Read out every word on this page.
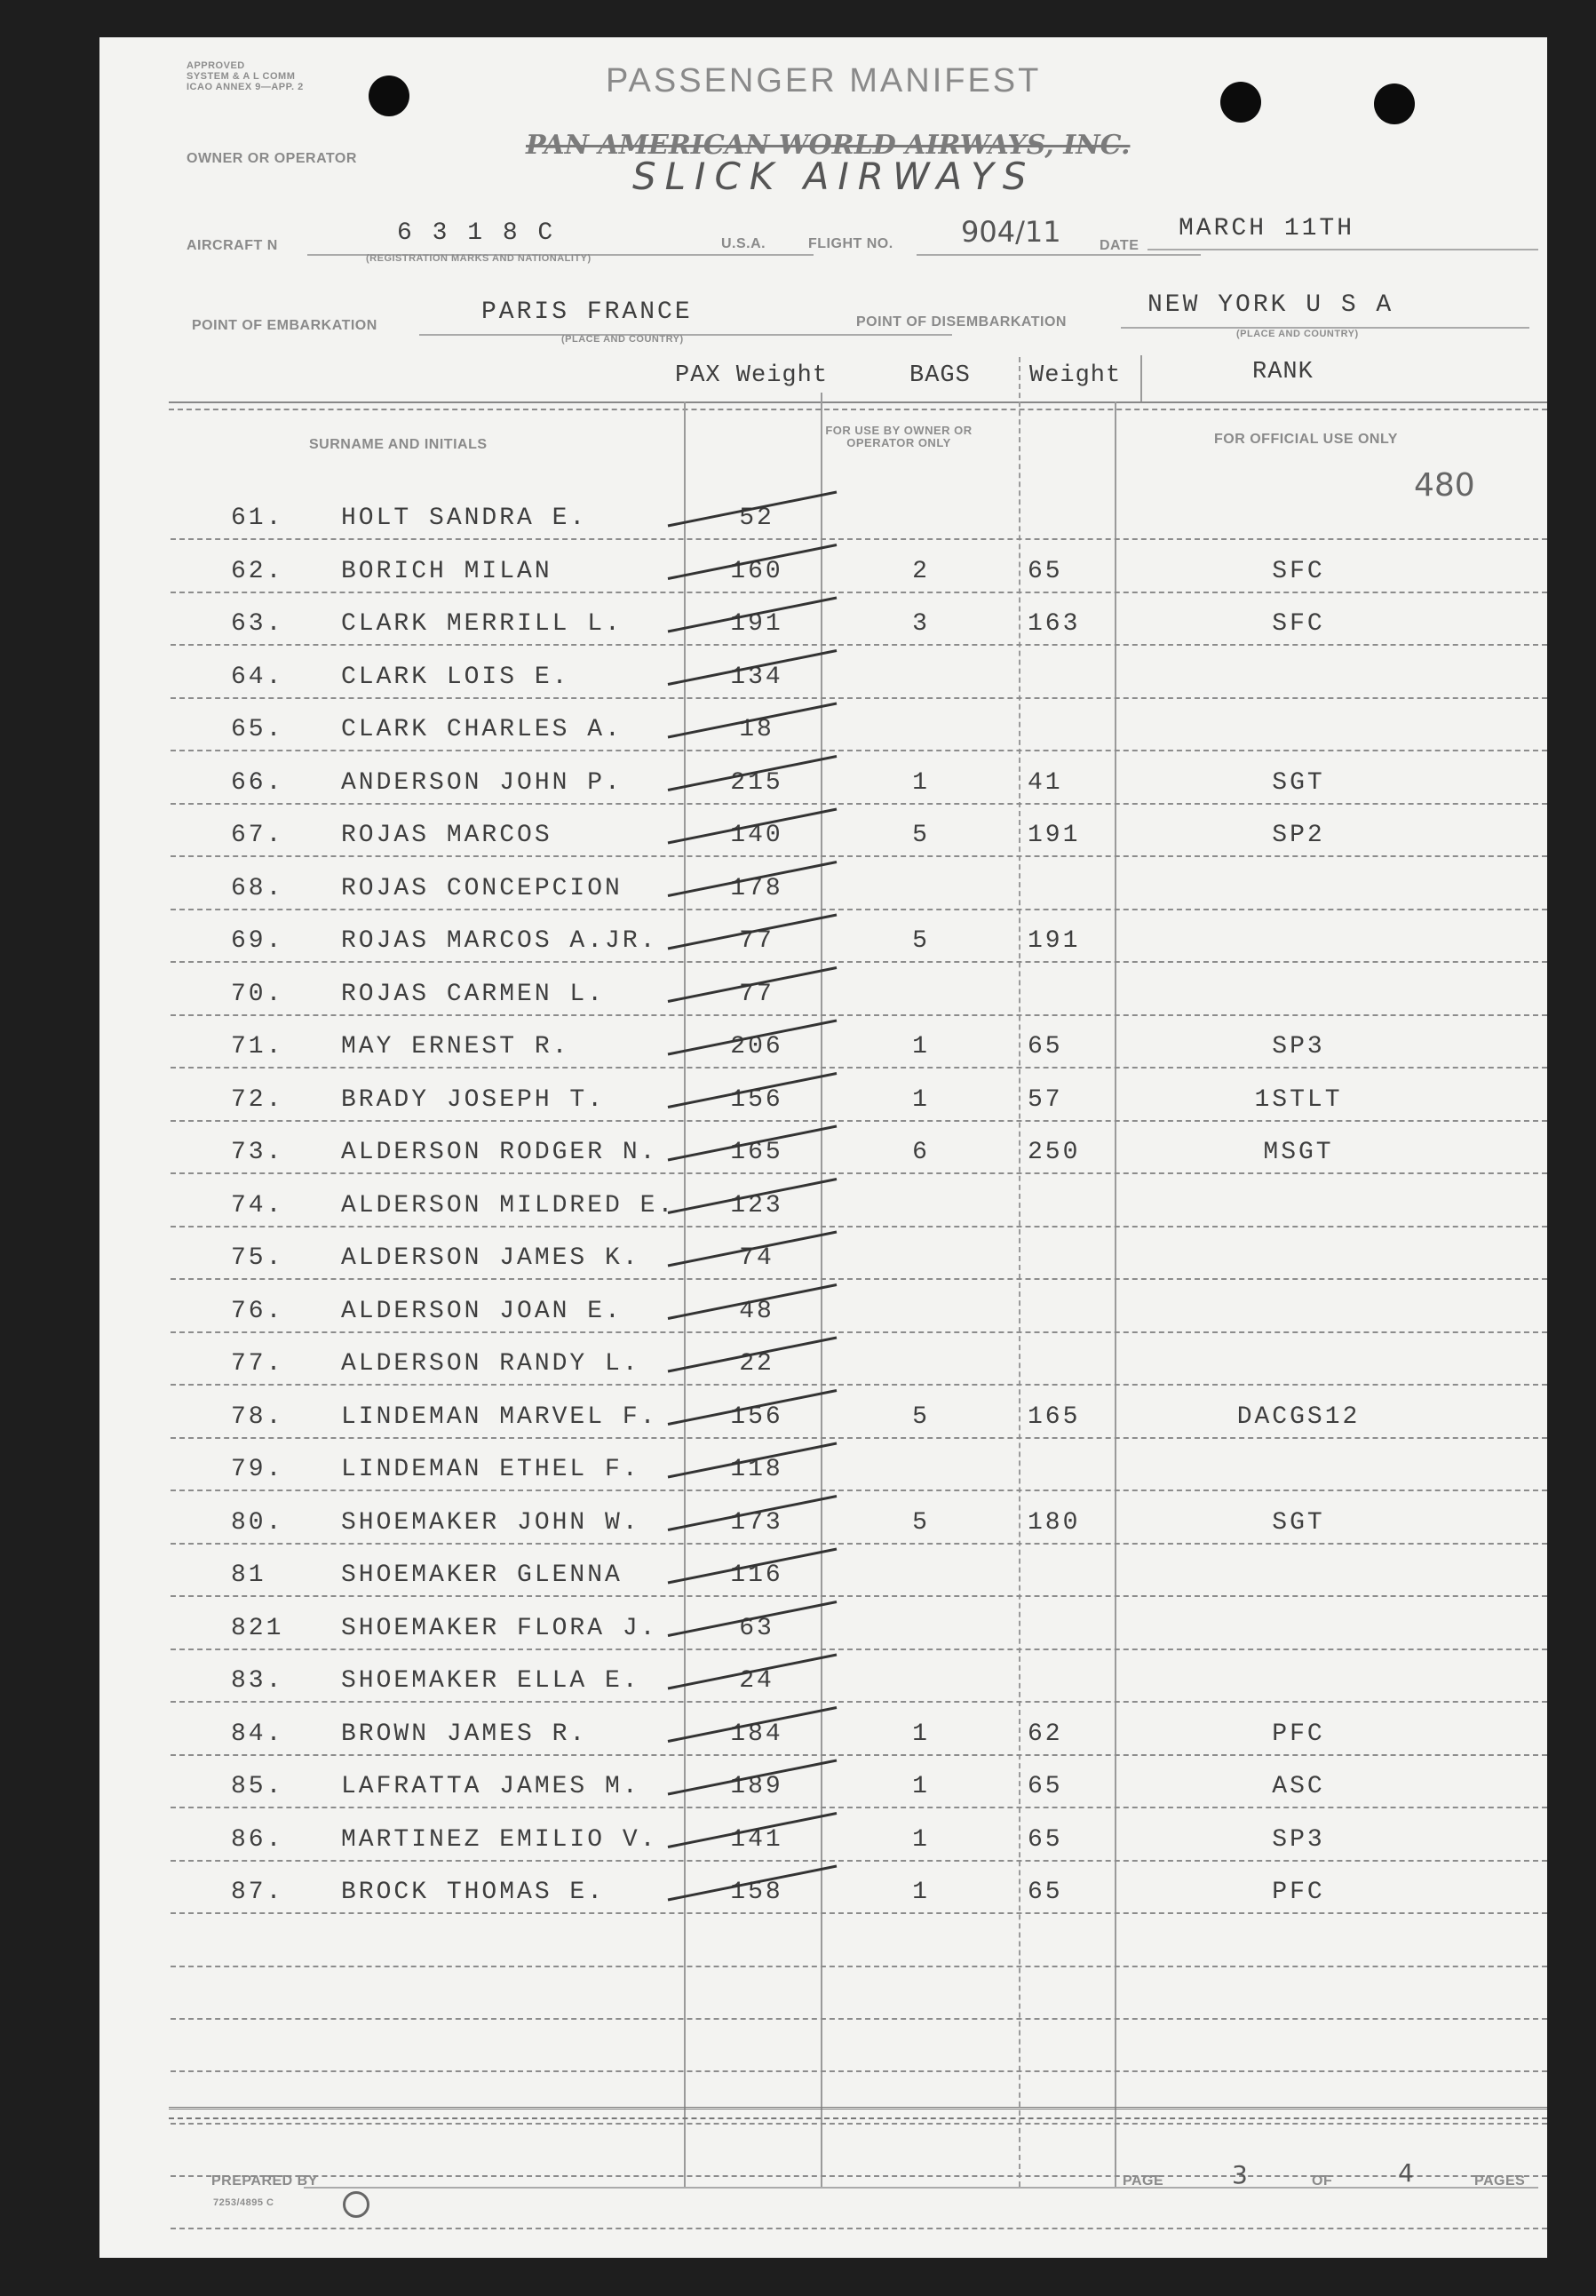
APPROVED
SYSTEM & A L COMM
ICAO ANNEX 9—APP. 2	PASSENGER MANIFEST
OWNER OR OPERATOR	PAN AMERICAN WORLD AIRWAYS, INC.
SLICK AIRWAYS
AIRCRAFT N	6 3 1 8 C
(REGISTRATION MARKS AND NATIONALITY)
U.S.A.	FLIGHT NO. 904/11	DATE
MARCH 11TH
POINT OF EMBARKATION	PARIS FRANCE
(PLACE AND COUNTRY)
POINT OF DISEMBARKATION
NEW YORK U S A
(PLACE AND COUNTRY)
PAX Weight	BAGS Weight	RANK
SURNAME AND INITIALS
FOR USE BY OWNER OR OPERATOR ONLY	FOR OFFICIAL USE ONLY
480
61.	HOLT SANDRA E.	52
62.	BORICH MILAN	160	2	65	SFC
63.	CLARK MERRILL L.	191	3	163	SFC
64.	CLARK LOIS E.	134
65.	CLARK CHARLES A.	18
66.	ANDERSON JOHN P.	215	1	41	SGT
67.	ROJAS MARCOS	140	5	191	SP2
68.	ROJAS CONCEPCION	178
69.	ROJAS MARCOS A.JR.	77	5	191
70.	ROJAS CARMEN L.	77
71.	MAY ERNEST R.	206	1	65	SP3
72.	BRADY JOSEPH T.	156	1	57	1STLT
73.	ALDERSON RODGER N.	165	6	250	MSGT
74.	ALDERSON MILDRED E.	123
75.	ALDERSON JAMES K.	74
76.	ALDERSON JOAN E.	48
77.	ALDERSON RANDY L.	22
78.	LINDEMAN MARVEL F.	156	5	165	DACGS12
79.	LINDEMAN ETHEL F.	118
80.	SHOEMAKER JOHN W.	173	5	180	SGT
81	SHOEMAKER GLENNA	116
821	SHOEMAKER FLORA J.	63
83.	SHOEMAKER ELLA E.	24
84.	BROWN JAMES R.	184	1	62	PFC
85.	LAFRATTA JAMES M.	189	1	65	ASC
86.	MARTINEZ EMILIO V.	141	1	65	SP3
87.	BROCK THOMAS E.	158	1	65	PFC
PREPARED BY
7253/4895 C
PAGE	3	OF	4	PAGES
